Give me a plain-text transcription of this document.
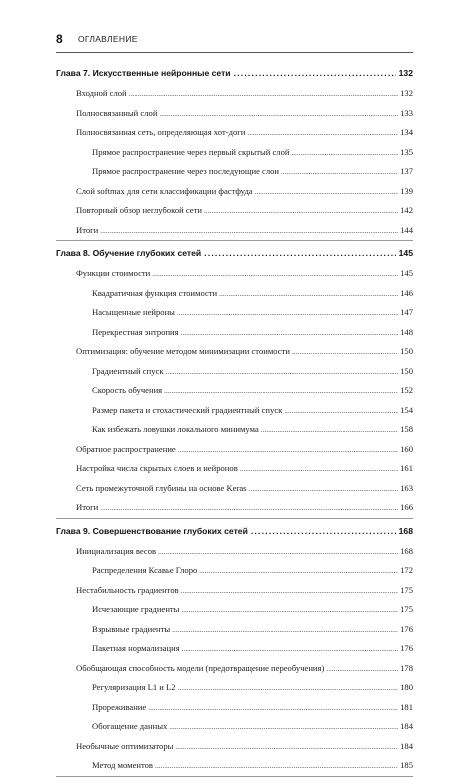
8 ОГЛАВЛЕНИЕ
Глава 7. Искусственные нейронные сети .....	132
Входной слой .....	132
Полносвязанный слой .....	133
Полносвязанная сеть, определяющая хот-доги .....	134
Прямое распространение через первый скрытый слой .....	135
Прямое распространение через последующие слои .....	137
Слой softmax для сети классификации фастфуда .....	139
Повторный обзор неглубокой сети .....	142
Итоги .....	144
Глава 8. Обучение глубоких сетей .....	145
Функции стоимости .....	145
Квадратичная функция стоимости .....	146
Насыщенные нейроны .....	147
Перекрестная энтропия .....	148
Оптимизация: обучение методом минимизации стоимости .....	150
Градиентный спуск .....	150
Скорость обучения .....	152
Размер пакета и стохастический градиентный спуск .....	154
Как избежать ловушки локального минимума .....	158
Обратное распространение .....	160
Настройка числа скрытых слоев и нейронов .....	161
Сеть промежуточной глубины на основе Keras .....	163
Итоги .....	166
Глава 9. Совершенствование глубоких сетей .....	168
Инициализация весов .....	168
Распределения Ксавье Глоро .....	172
Нестабильность градиентов .....	175
Исчезающие градиенты .....	175
Взрывные градиенты .....	176
Пакетная нормализация .....	176
Обобщающая способность модели (предотвращение переобучения) .....	178
Регуляризация L1 и L2 .....	180
Прореживание .....	181
Обогащение данных .....	184
Необычные оптимизаторы .....	184
Метод моментов .....	185
